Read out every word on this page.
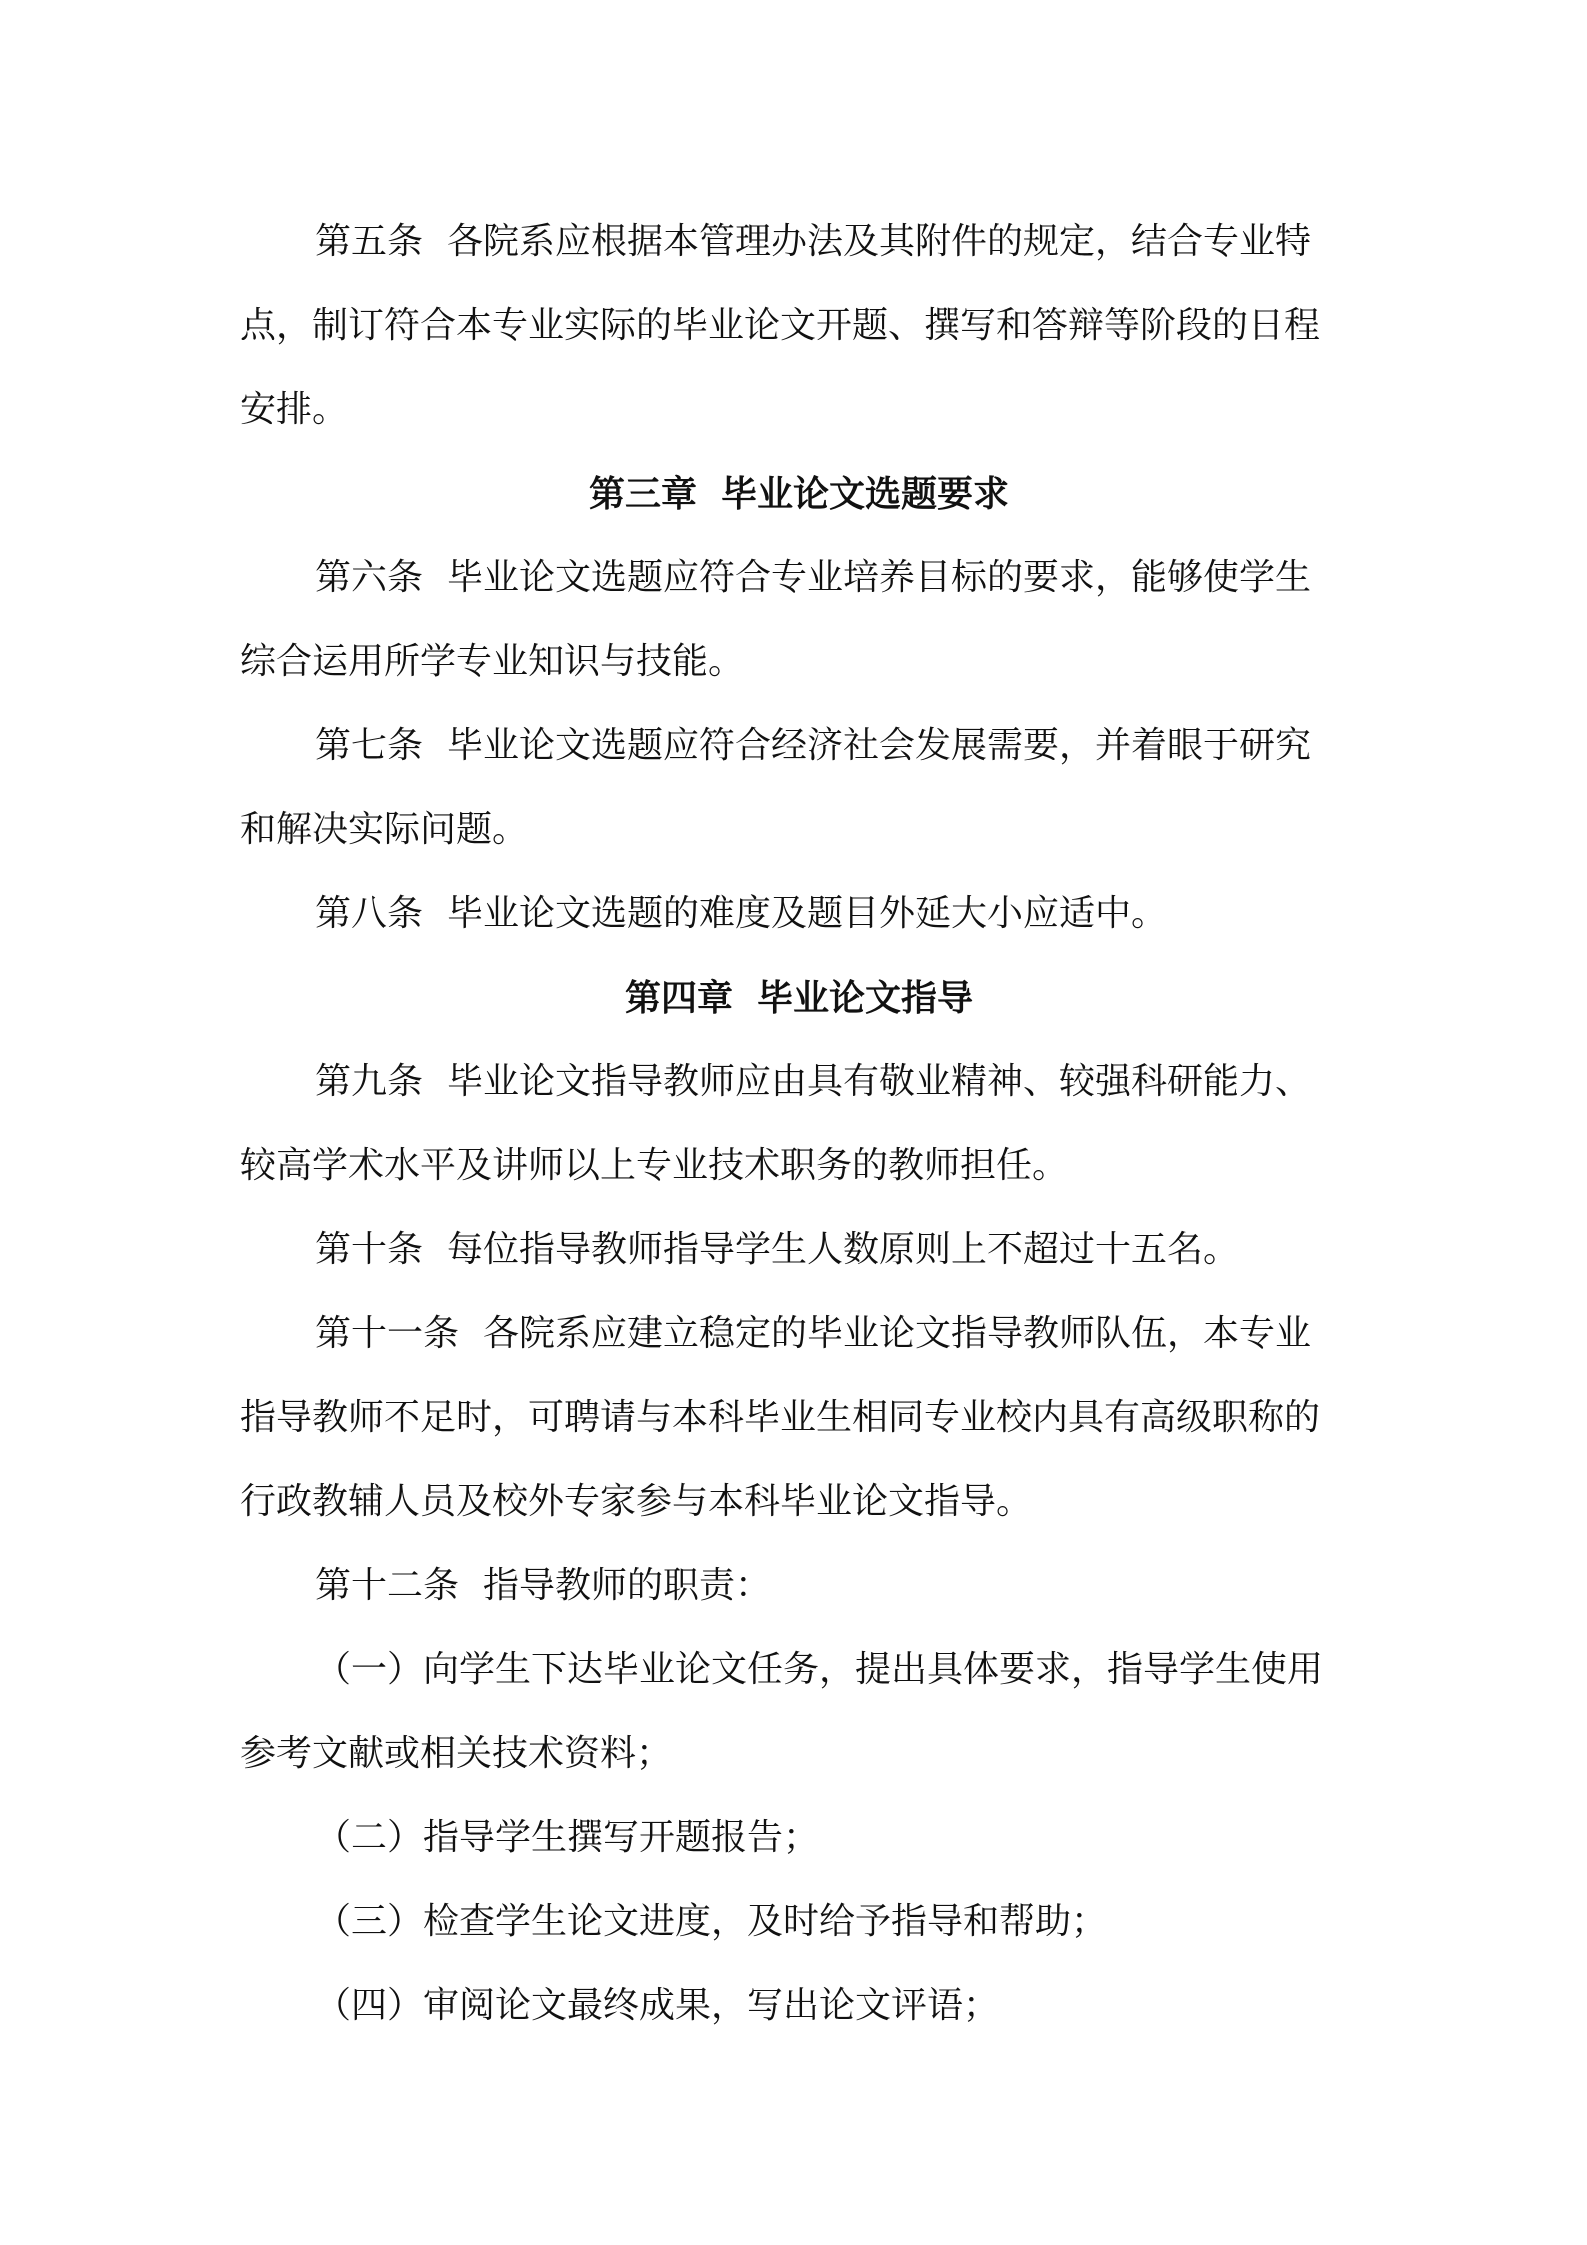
第五条 各院系应根据本管理办法及其附件的规定，结合专业特
点，制订符合本专业实际的毕业论文开题、撰写和答辩等阶段的日程
安排。
第三章 毕业论文选题要求
第六条 毕业论文选题应符合专业培养目标的要求，能够使学生
综合运用所学专业知识与技能。
第七条 毕业论文选题应符合经济社会发展需要，并着眼于研究
和解决实际问题。
第八条 毕业论文选题的难度及题目外延大小应适中。
第四章 毕业论文指导
第九条 毕业论文指导教师应由具有敬业精神、较强科研能力、
较高学术水平及讲师以上专业技术职务的教师担任。
第十条 每位指导教师指导学生人数原则上不超过十五名。
第十一条 各院系应建立稳定的毕业论文指导教师队伍，本专业
指导教师不足时，可聘请与本科毕业生相同专业校内具有高级职称的
行政教辅人员及校外专家参与本科毕业论文指导。
第十二条 指导教师的职责：
（一）向学生下达毕业论文任务，提出具体要求，指导学生使用
参考文献或相关技术资料；
（二）指导学生撰写开题报告；
（三）检查学生论文进度，及时给予指导和帮助；
（四）审阅论文最终成果，写出论文评语；
